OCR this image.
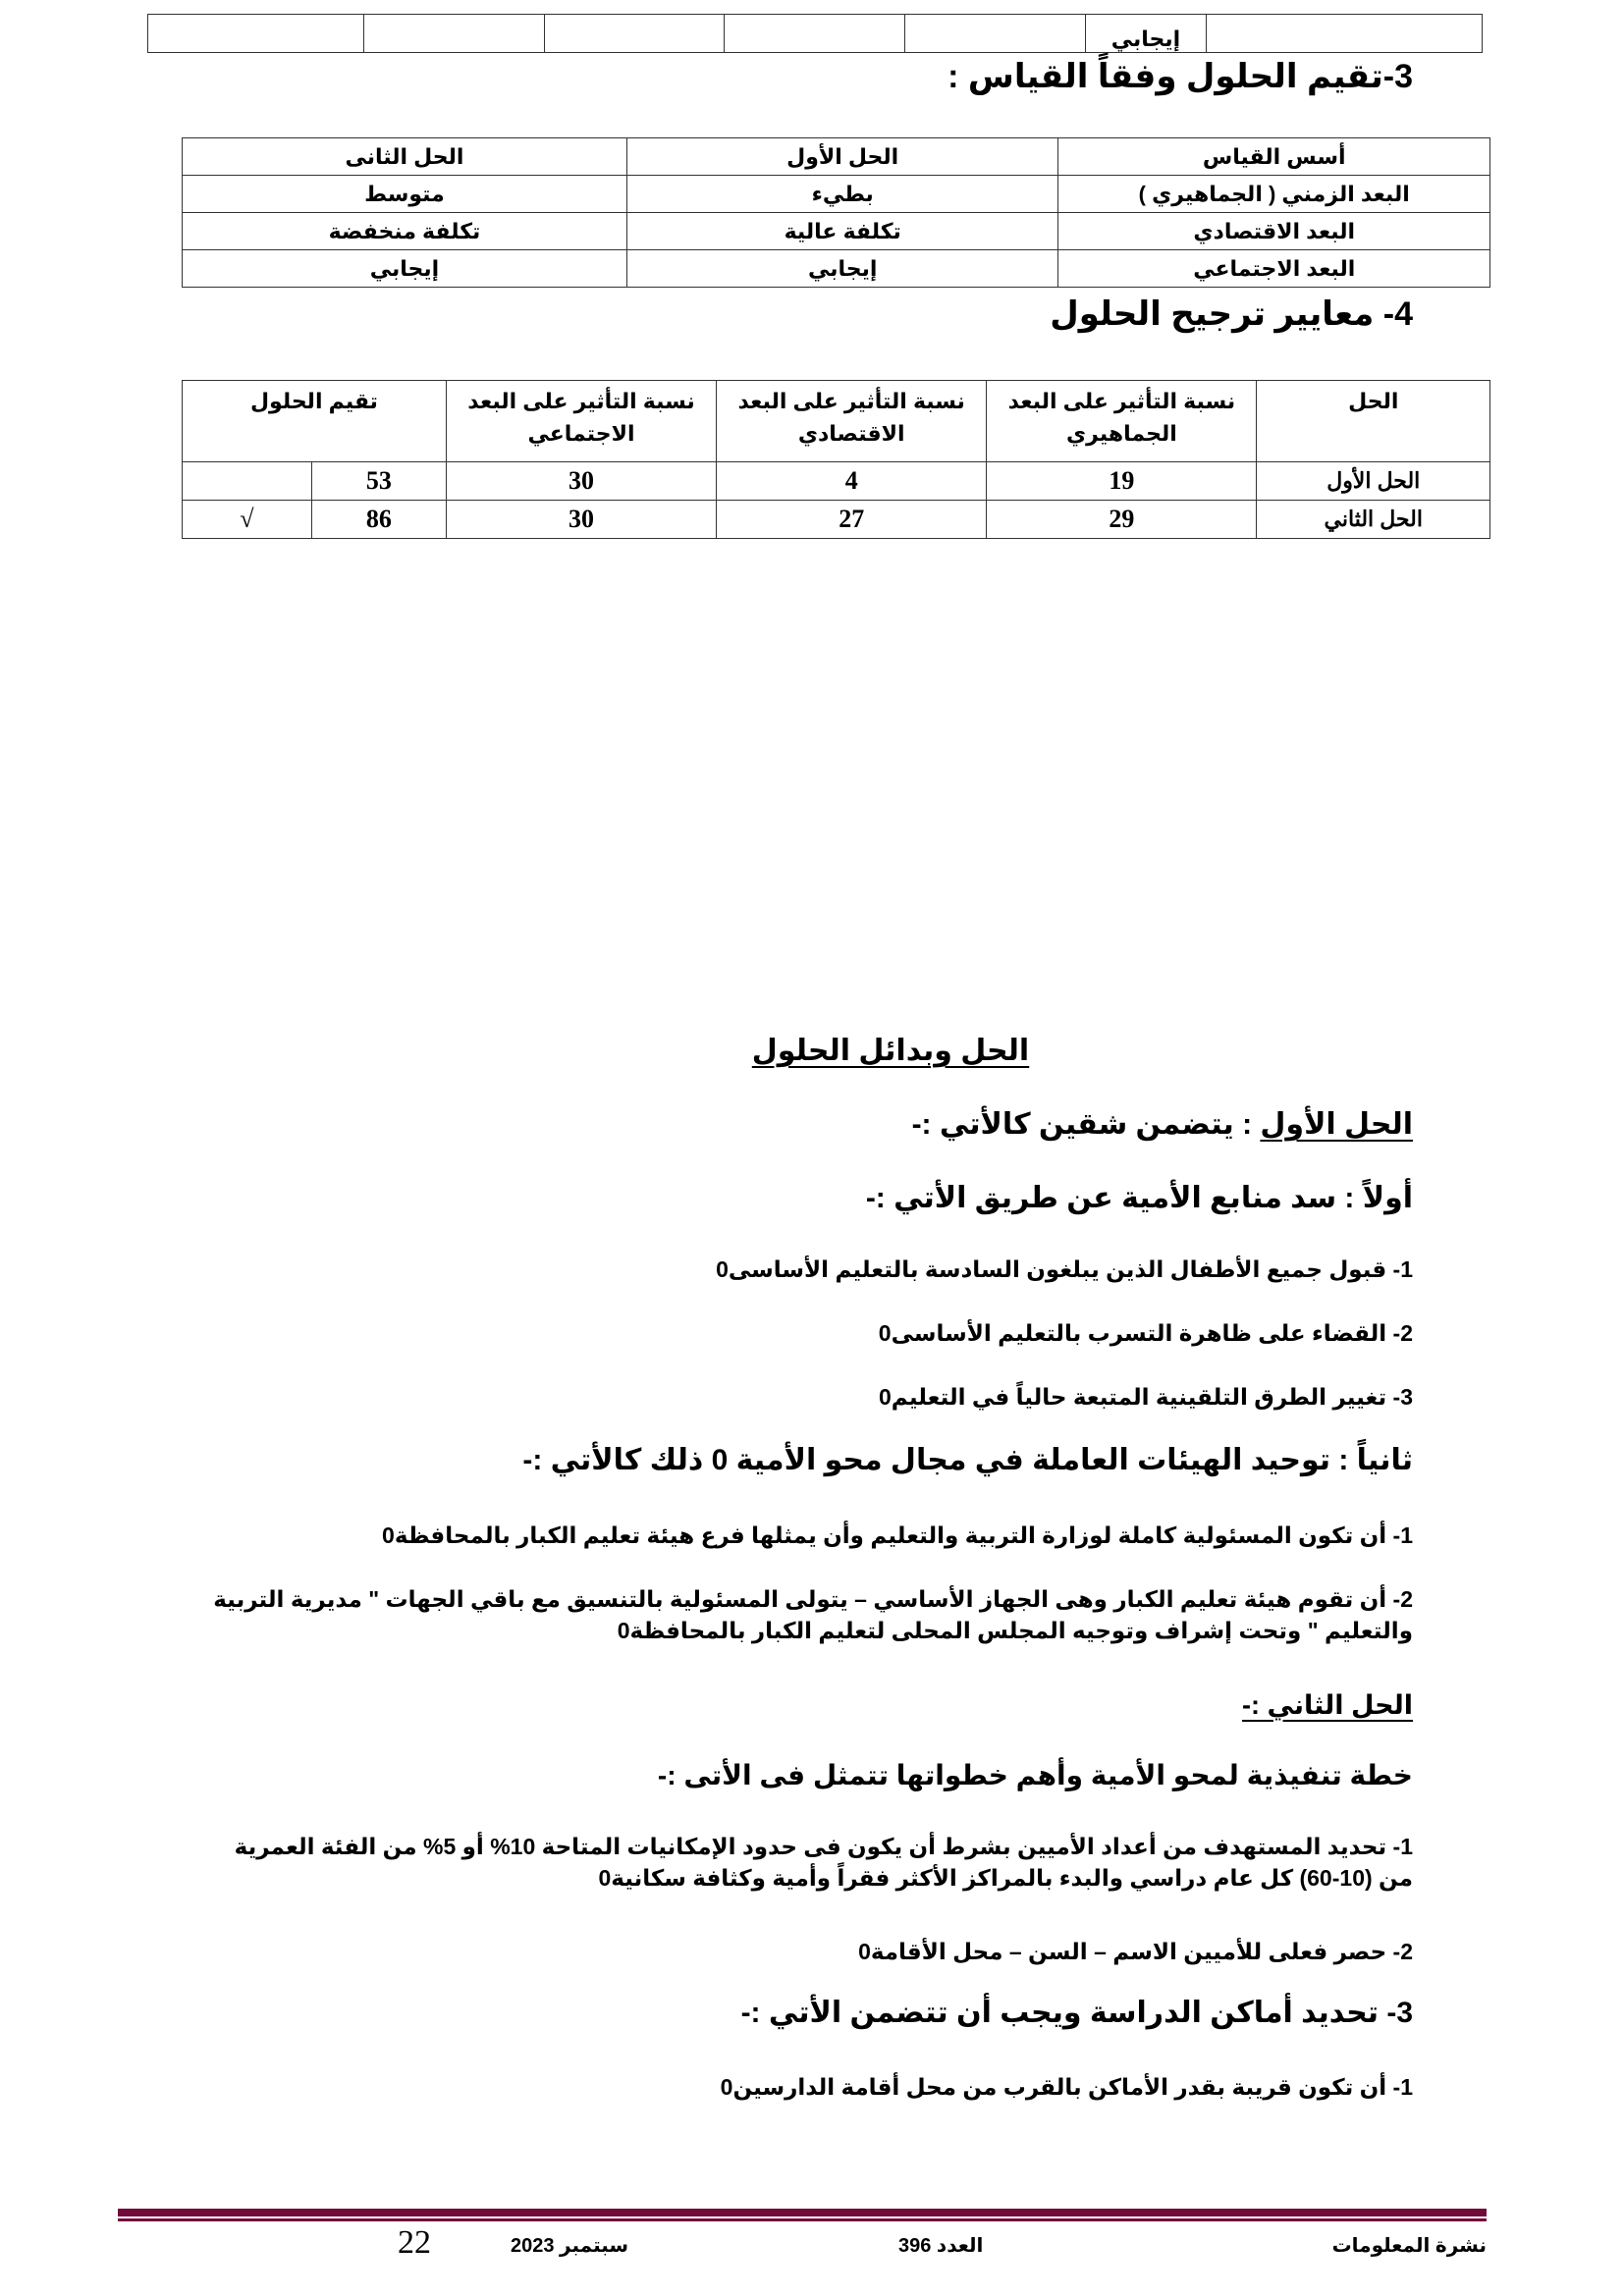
	إيجابي					
3-تقيم الحلول وفقاً القياس :
أسس القياس	الحل الأول	الحل الثانى
البعد الزمني ( الجماهيري )	بطيء	متوسط
البعد الاقتصادي	تكلفة عالية	تكلفة منخفضة
البعد الاجتماعي	إيجابي	إيجابي
4- معايير ترجيح الحلول
الحل	نسبة التأثير على البعد الجماهيري	نسبة التأثير على البعد الاقتصادي	نسبة التأثير على البعد الاجتماعي	تقيم الحلول	
الحل الأول	19	4	30	53	
الحل الثاني	29	27	30	86	√
الحل وبدائل الحلول
الحل الأول : يتضمن شقين كالأتي :-
أولاً : سد منابع الأمية عن طريق الأتي :-
1- قبول جميع الأطفال الذين يبلغون السادسة بالتعليم الأساسى0
2- القضاء على ظاهرة التسرب بالتعليم الأساسى0
3- تغيير الطرق التلقينية المتبعة حالياً في التعليم0
ثانياً : توحيد الهيئات العاملة في مجال محو الأمية 0 ذلك كالأتي :-
1- أن تكون المسئولية كاملة لوزارة التربية والتعليم وأن يمثلها فرع هيئة تعليم الكبار بالمحافظة0
2- أن تقوم هيئة تعليم الكبار وهى الجهاز الأساسي – يتولى المسئولية بالتنسيق مع باقي الجهات " مديرية التربية والتعليم " وتحت إشراف وتوجيه المجلس المحلى لتعليم الكبار بالمحافظة0
الحل الثاني :-
خطة تنفيذية لمحو الأمية وأهم خطواتها تتمثل فى الأتى :-
1- تحديد المستهدف من أعداد الأميين بشرط أن يكون فى حدود الإمكانيات المتاحة 10% أو 5% من الفئة العمرية من (10-60) كل عام دراسي والبدء بالمراكز الأكثر فقراً وأمية وكثافة سكانية0
2- حصر فعلى للأميين الاسم – السن – محل الأقامة0
3- تحديد أماكن الدراسة ويجب أن تتضمن الأتي :-
1- أن تكون قريبة بقدر الأماكن بالقرب من محل أقامة الدارسين0
نشرة المعلومات
العدد 396
سبتمبر 2023
22
